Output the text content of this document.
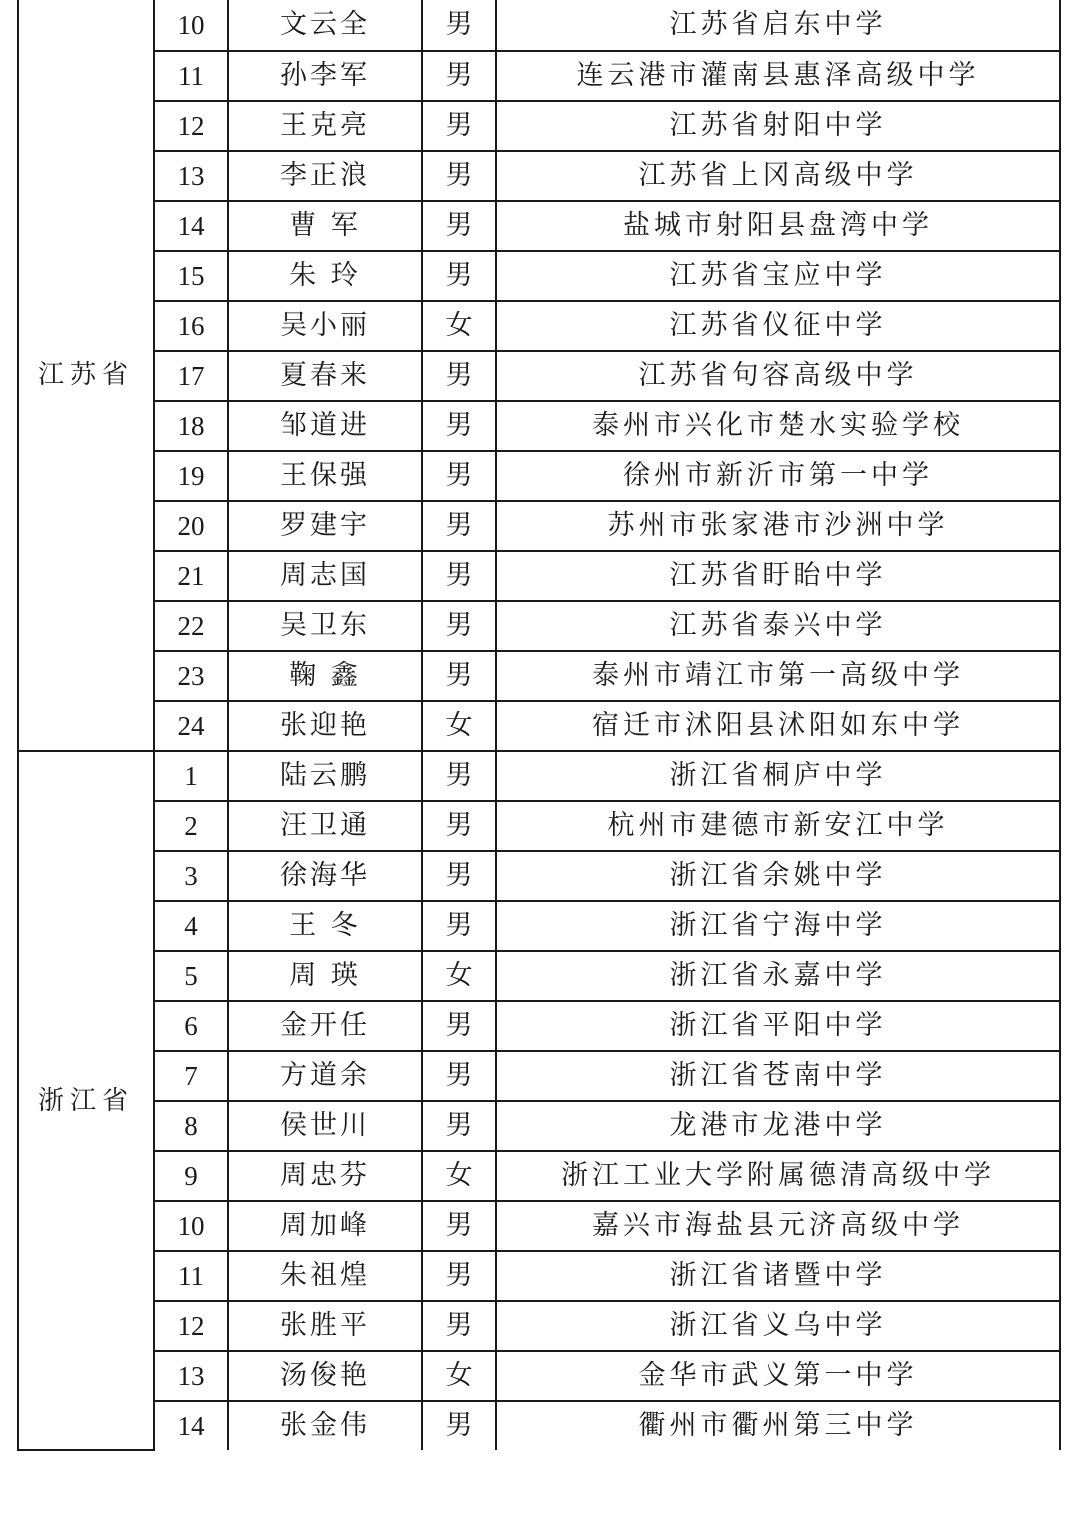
江苏省	10	文云全	男	江苏省启东中学
	11	孙李军	男	连云港市灌南县惠泽高级中学
	12	王克亮	男	江苏省射阳中学
	13	李正浪	男	江苏省上冈高级中学
	14	曹 军	男	盐城市射阳县盘湾中学
	15	朱 玲	男	江苏省宝应中学
	16	吴小丽	女	江苏省仪征中学
	17	夏春来	男	江苏省句容高级中学
	18	邹道进	男	泰州市兴化市楚水实验学校
	19	王保强	男	徐州市新沂市第一中学
	20	罗建宇	男	苏州市张家港市沙洲中学
	21	周志国	男	江苏省盱眙中学
	22	吴卫东	男	江苏省泰兴中学
	23	鞠 鑫	男	泰州市靖江市第一高级中学
	24	张迎艳	女	宿迁市沭阳县沭阳如东中学
浙江省	1	陆云鹏	男	浙江省桐庐中学
	2	汪卫通	男	杭州市建德市新安江中学
	3	徐海华	男	浙江省余姚中学
	4	王 冬	男	浙江省宁海中学
	5	周 瑛	女	浙江省永嘉中学
	6	金开任	男	浙江省平阳中学
	7	方道余	男	浙江省苍南中学
	8	侯世川	男	龙港市龙港中学
	9	周忠芬	女	浙江工业大学附属德清高级中学
	10	周加峰	男	嘉兴市海盐县元济高级中学
	11	朱祖煌	男	浙江省诸暨中学
	12	张胜平	男	浙江省义乌中学
	13	汤俊艳	女	金华市武义第一中学
	14	张金伟	男	衢州市衢州第三中学
